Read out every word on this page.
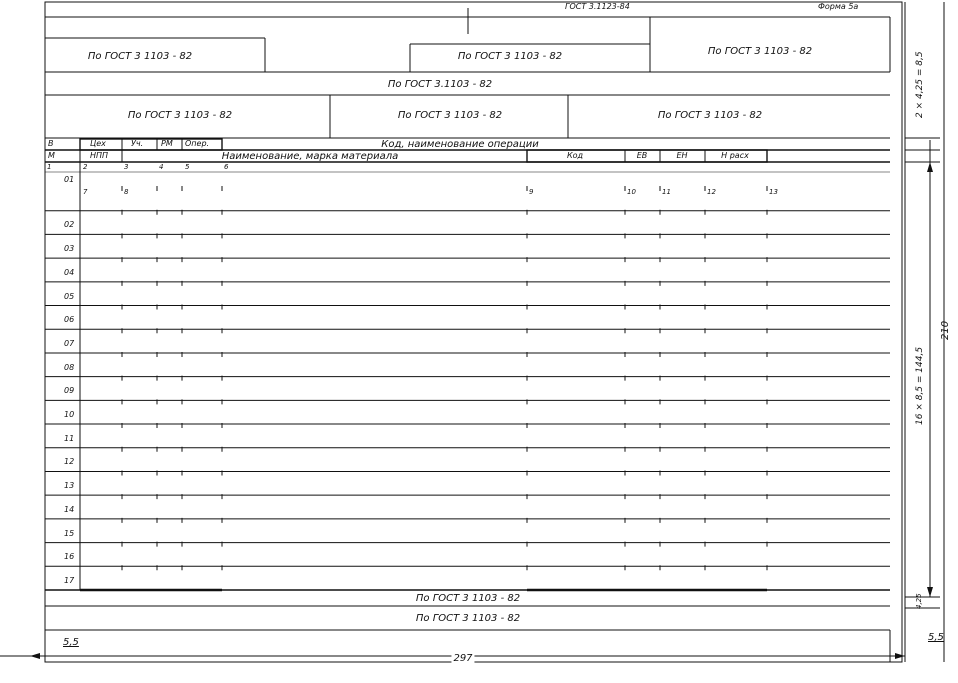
ГОСТ 3.1123-84	Форма 5а
По ГОСТ 3 1103 - 82	По ГОСТ 3 1103 - 82	По ГОСТ 3 1103 - 82
По ГОСТ 3.1103 - 82
По ГОСТ 3 1103 - 82	По ГОСТ 3 1103 - 82	По ГОСТ 3 1103 - 82
В	Цех	Уч. РМ Опер.	Код, наименование операции
М	НПП	Наименование, марка материала	Код	ЕВ	ЕН	Н расх
1	2	3	4	5	6
7	8	9	10	11	12	13
01
02
03
04
05
06
07
08
09
10
11
12
13
14
15
16
17
По ГОСТ 3 1103 - 82
По ГОСТ 3 1103 - 82
5,5	5,5
297
210
2 × 4,25 = 8,5
16 × 8,5 = 144,5
4,25
